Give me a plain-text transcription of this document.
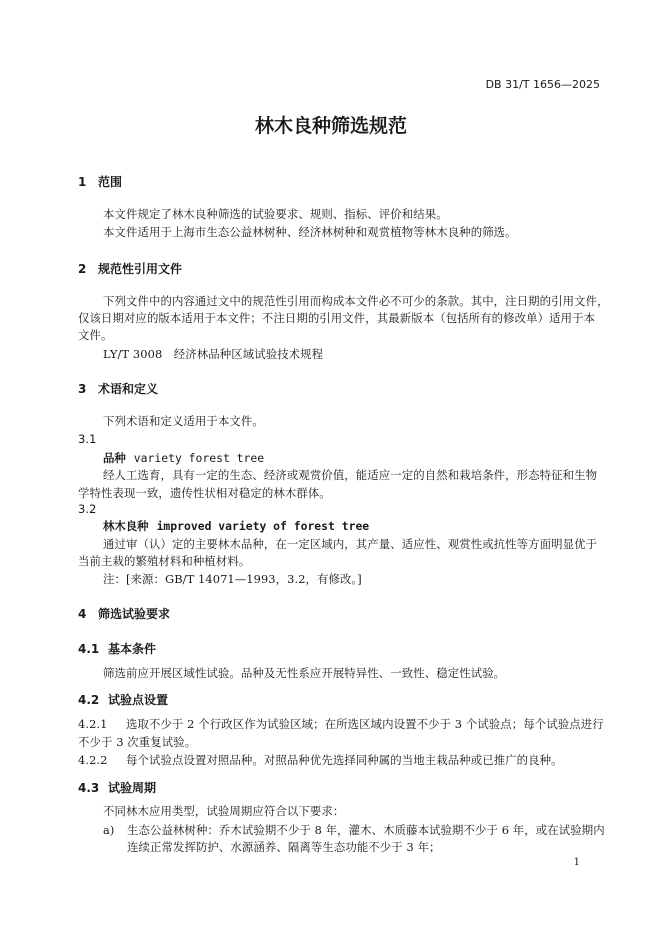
DB 31/T 1656—2025
林木良种筛选规范
1 范围
本文件规定了林木良种筛选的试验要求、规则、指标、评价和结果。
本文件适用于上海市生态公益林树种、经济林树种和观赏植物等林木良种的筛选。
2 规范性引用文件
下列文件中的内容通过文中的规范性引用而构成本文件必不可少的条款。其中，注日期的引用文件，
仅该日期对应的版本适用于本文件；不注日期的引用文件，其最新版本（包括所有的修改单）适用于本
文件。
LY/T 3008　经济林品种区域试验技术规程
3 术语和定义
下列术语和定义适用于本文件。
3.1
品种 variety forest tree
经人工选育，具有一定的生态、经济或观赏价值，能适应一定的自然和栽培条件，形态特征和生物
学特性表现一致，遗传性状相对稳定的林木群体。
3.2
林木良种 improved variety of forest tree
通过审（认）定的主要林木品种，在一定区域内，其产量、适应性、观赏性或抗性等方面明显优于
当前主栽的繁殖材料和种植材料。
注：[来源：GB/T 14071—1993，3.2，有修改。]
4 筛选试验要求
4.1 基本条件
筛选前应开展区域性试验。品种及无性系应开展特异性、一致性、稳定性试验。
4.2 试验点设置
4.2.1 选取不少于 2 个行政区作为试验区域；在所选区域内设置不少于 3 个试验点；每个试验点进行
不少于 3 次重复试验。
4.2.2 每个试验点设置对照品种。对照品种优先选择同种属的当地主栽品种或已推广的良种。
4.3 试验周期
不同林木应用类型，试验周期应符合以下要求：
a) 生态公益林树种：乔木试验期不少于 8 年，灌木、木质藤本试验期不少于 6 年，或在试验期内
连续正常发挥防护、水源涵养、隔离等生态功能不少于 3 年；
1
